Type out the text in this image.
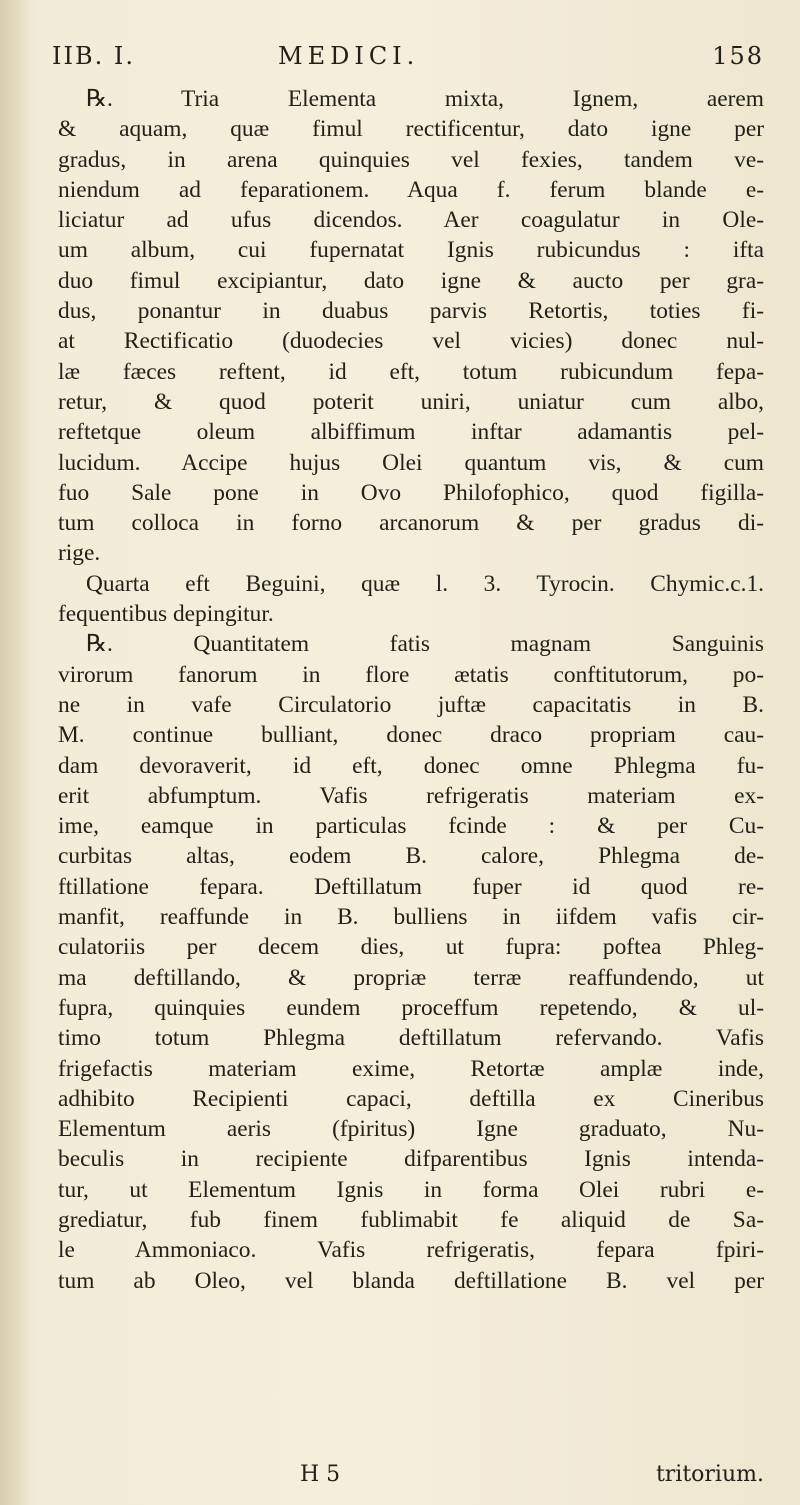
IIB. I.	MEDICI.	158
℞. Tria Elementa mixta, Ignem, aerem
& aquam, quæ fimul rectificentur, dato igne per
gradus, in arena quinquies vel fexies, tandem ve-
niendum ad feparationem. Aqua f. ferum blande e-
liciatur ad ufus dicendos. Aer coagulatur in Ole-
um album, cui fupernatat Ignis rubicundus : ifta
duo fimul excipiantur, dato igne & aucto per gra-
dus, ponantur in duabus parvis Retortis, toties fi-
at Rectificatio (duodecies vel vicies) donec nul-
læ fæces reftent, id eft, totum rubicundum fepa-
retur, & quod poterit uniri, uniatur cum albo,
reftetque oleum albiffimum inftar adamantis pel-
lucidum. Accipe hujus Olei quantum vis, & cum
fuo Sale pone in Ovo Philofophico, quod figilla-
tum colloca in forno arcanorum & per gradus di-
rige.
Quarta eft Beguini, quæ l. 3. Tyrocin. Chymic.c.1.
fequentibus depingitur.
℞. Quantitatem fatis magnam Sanguinis
virorum fanorum in flore ætatis conftitutorum, po-
ne in vafe Circulatorio juftæ capacitatis in B.
M. continue bulliant, donec draco propriam cau-
dam devoraverit, id eft, donec omne Phlegma fu-
erit abfumptum. Vafis refrigeratis materiam ex-
ime, eamque in particulas fcinde : & per Cu-
curbitas altas, eodem B. calore, Phlegma de-
ftillatione fepara. Deftillatum fuper id quod re-
manfit, reaffunde in B. bulliens in iifdem vafis cir-
culatoriis per decem dies, ut fupra: poftea Phleg-
ma deftillando, & propriæ terræ reaffundendo, ut
fupra, quinquies eundem proceffum repetendo, & ul-
timo totum Phlegma deftillatum refervando. Vafis
frigefactis materiam exime, Retortæ amplæ inde,
adhibito Recipienti capaci, deftilla ex Cineribus
Elementum aeris (fpiritus) Igne graduato, Nu-
beculis in recipiente difparentibus Ignis intenda-
tur, ut Elementum Ignis in forma Olei rubri e-
grediatur, fub finem fublimabit fe aliquid de Sa-
le Ammoniaco. Vafis refrigeratis, fepara fpiri-
tum ab Oleo, vel blanda deftillatione B. vel per
H 5	tritorium.
